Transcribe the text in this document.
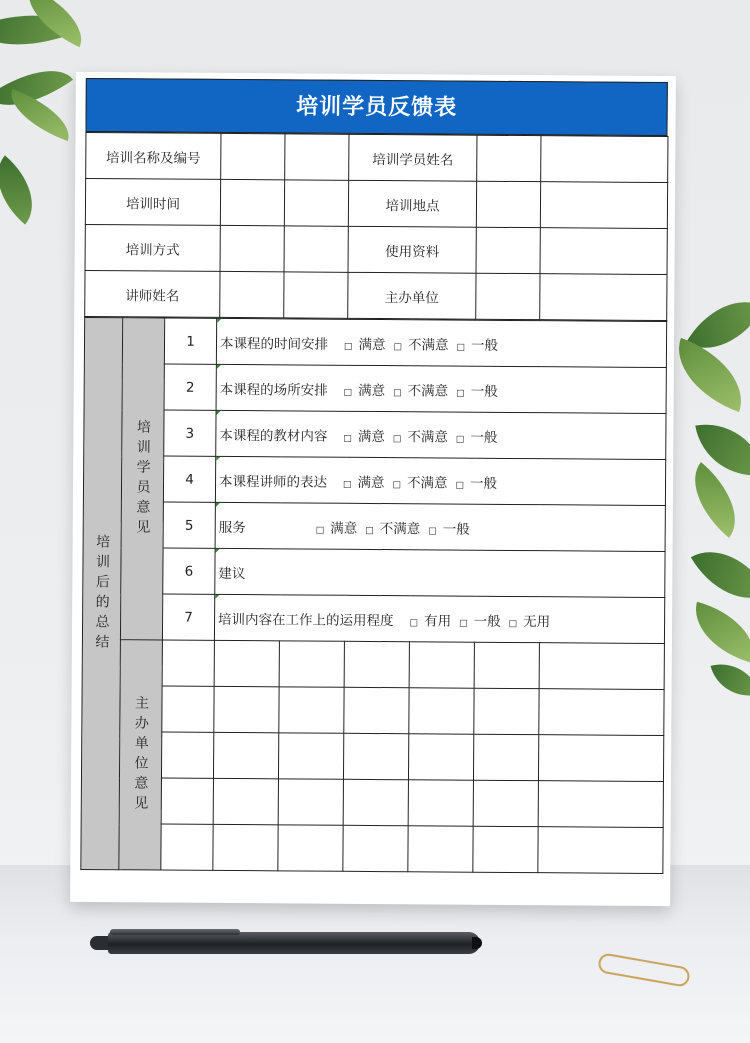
培训学员反馈表
培训名称及编号			培训学员姓名		
培训时间			培训地点		
培训方式			使用资料		
讲师姓名			主办单位		
培训后的总结	培训学员意见	1	本课程的时间安排 □ 满意 □ 不满意 □ 一般					
		2	本课程的场所安排 □ 满意 □ 不满意 □ 一般					
		3	本课程的教材内容 □ 满意 □ 不满意 □ 一般					
		4	本课程讲师的表达 □ 满意 □ 不满意 □ 一般					
		5	服务 □ 满意 □ 不满意 □ 一般					
		6	建议					
		7	培训内容在工作上的运用程度 □ 有用 □ 一般 □ 无用					
	主办单位意见							
